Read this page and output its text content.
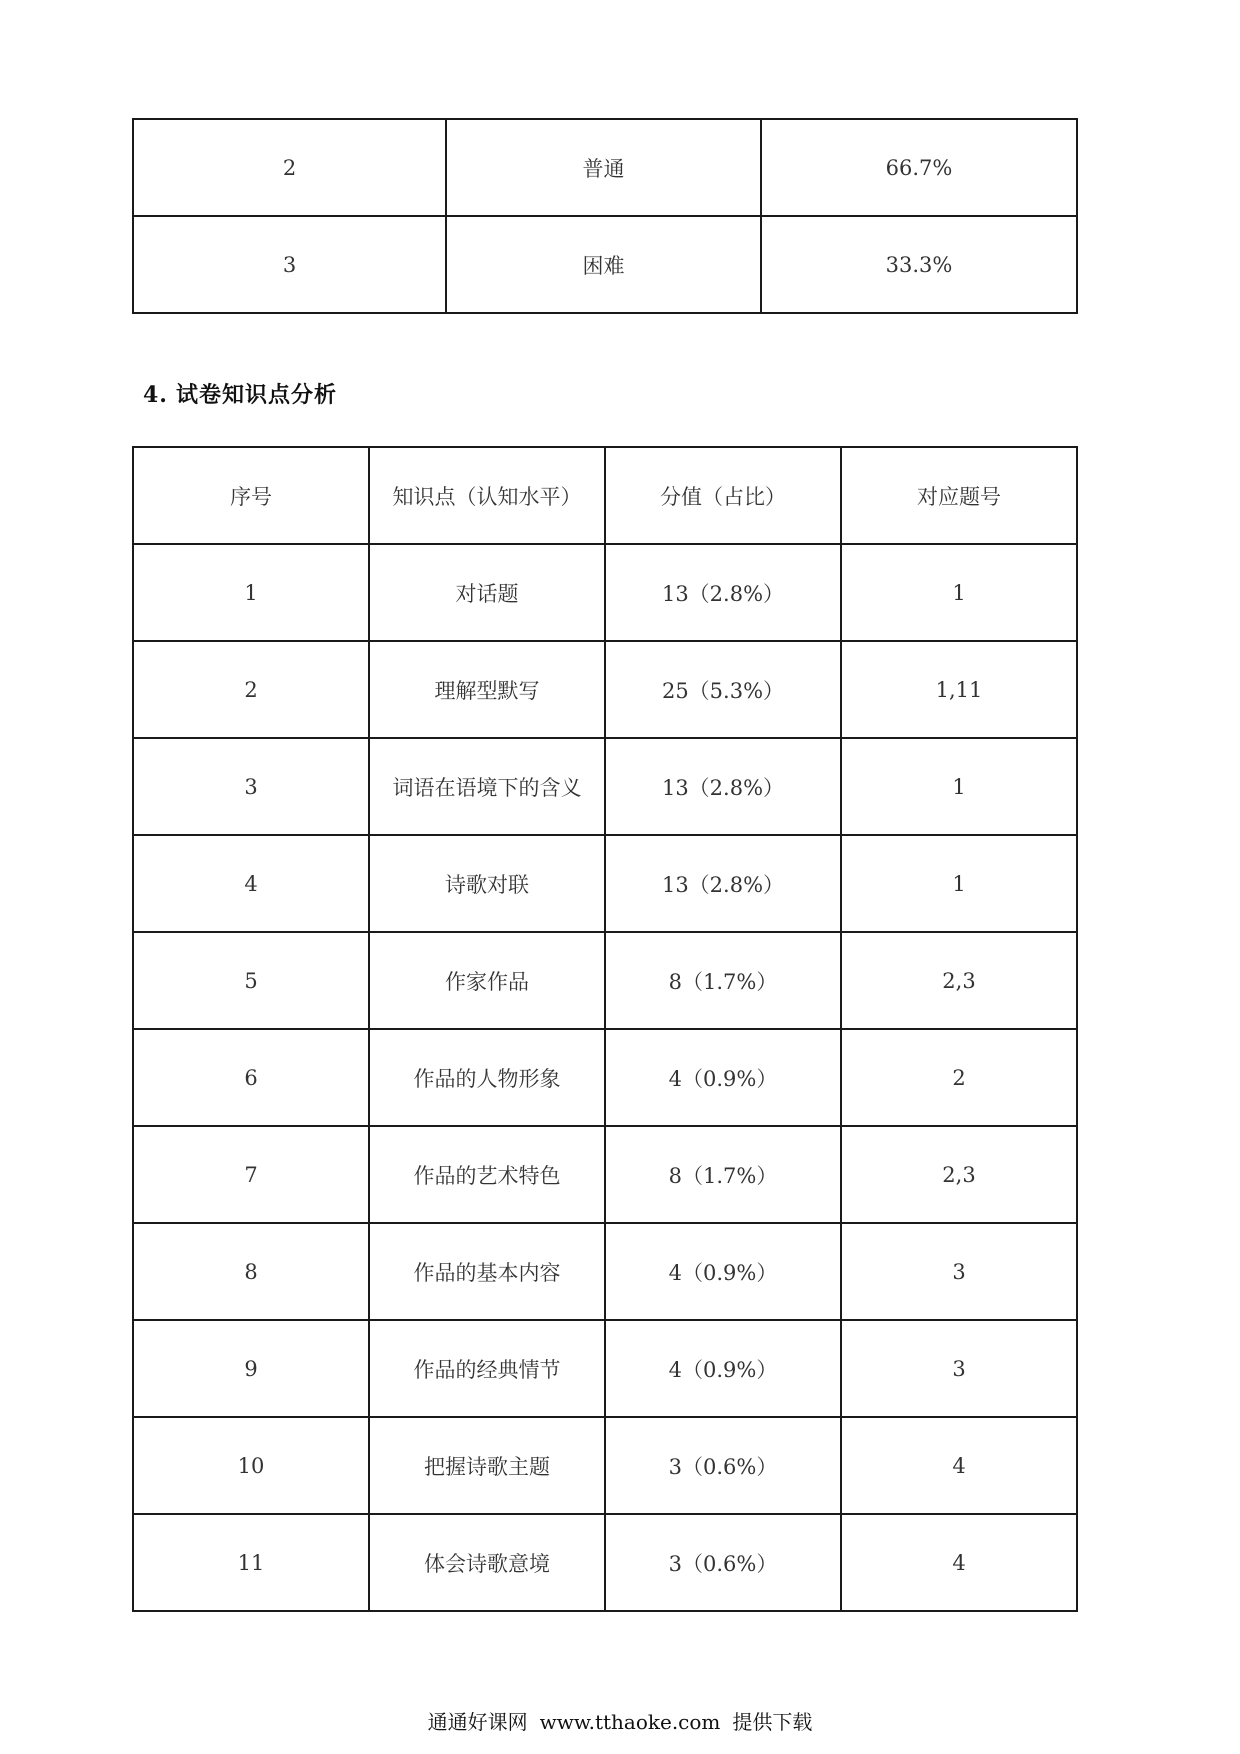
2	普通	66.7%
3	困难	33.3%
4. 试卷知识点分析
序号	知识点（认知水平）	分值（占比）	对应题号
1	对话题	13（2.8%）	1
2	理解型默写	25（5.3%）	1,11
3	词语在语境下的含义	13（2.8%）	1
4	诗歌对联	13（2.8%）	1
5	作家作品	8（1.7%）	2,3
6	作品的人物形象	4（0.9%）	2
7	作品的艺术特色	8（1.7%）	2,3
8	作品的基本内容	4（0.9%）	3
9	作品的经典情节	4（0.9%）	3
10	把握诗歌主题	3（0.6%）	4
11	体会诗歌意境	3（0.6%）	4
通通好课网 www.tthaoke.com 提供下载
